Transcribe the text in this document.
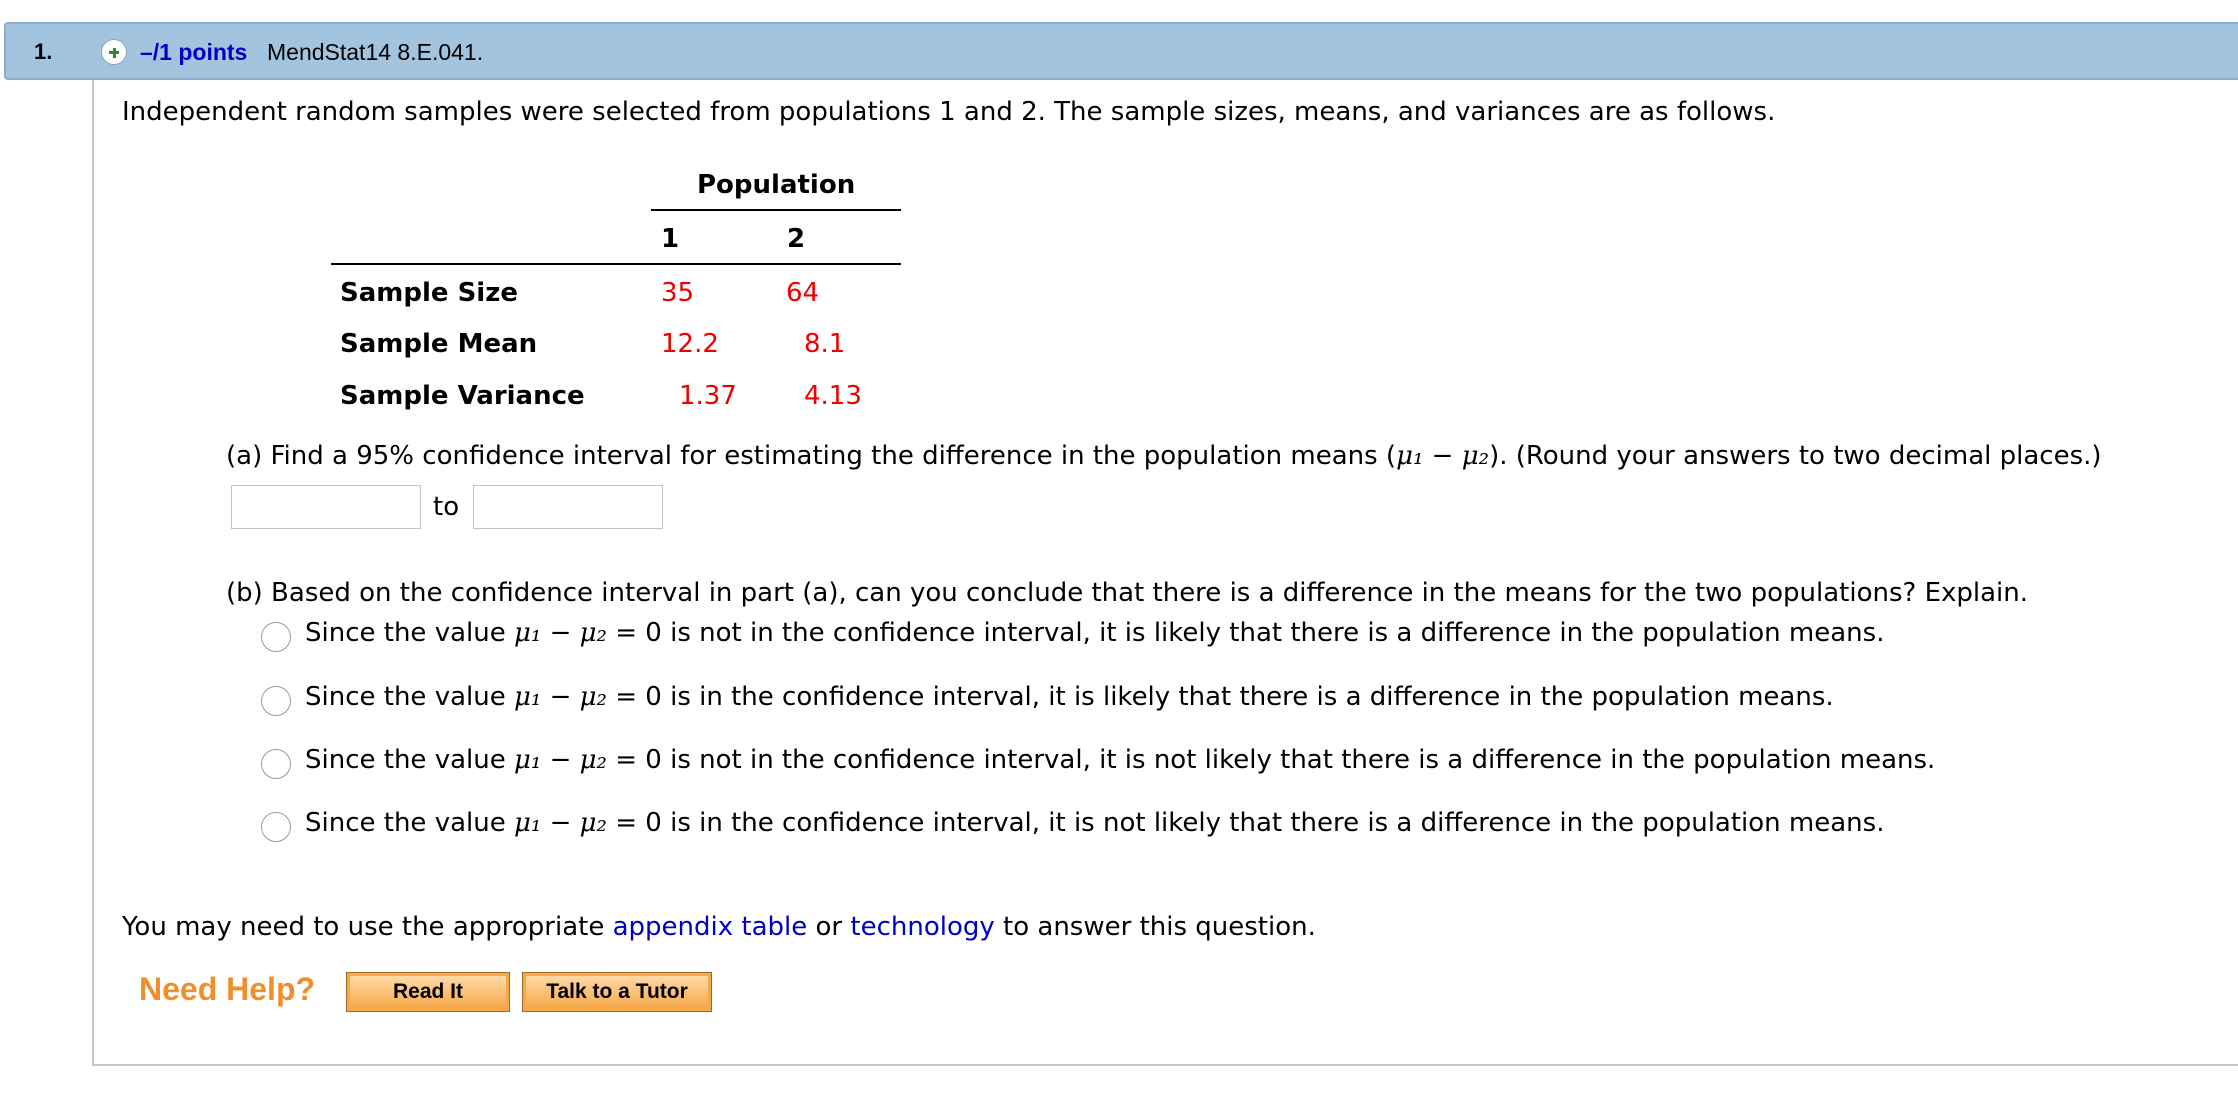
1.	–/1 points MendStat14 8.E.041.
Independent random samples were selected from populations 1 and 2. The sample sizes, means, and variances are as follows.
Population
1	2
Sample Size	35	64
Sample Mean	12.2	8.1
Sample Variance	1.37	4.13
(a) Find a 95% confidence interval for estimating the difference in the population means (μ₁ − μ₂). (Round your answers to two decimal places.)
to
(b) Based on the confidence interval in part (a), can you conclude that there is a difference in the means for the two populations? Explain.
Since the value μ₁ − μ₂ = 0 is not in the confidence interval, it is likely that there is a difference in the population means.
Since the value μ₁ − μ₂ = 0 is in the confidence interval, it is likely that there is a difference in the population means.
Since the value μ₁ − μ₂ = 0 is not in the confidence interval, it is not likely that there is a difference in the population means.
Since the value μ₁ − μ₂ = 0 is in the confidence interval, it is not likely that there is a difference in the population means.
You may need to use the appropriate appendix table or technology to answer this question.
Need Help?	Read It	Talk to a Tutor
